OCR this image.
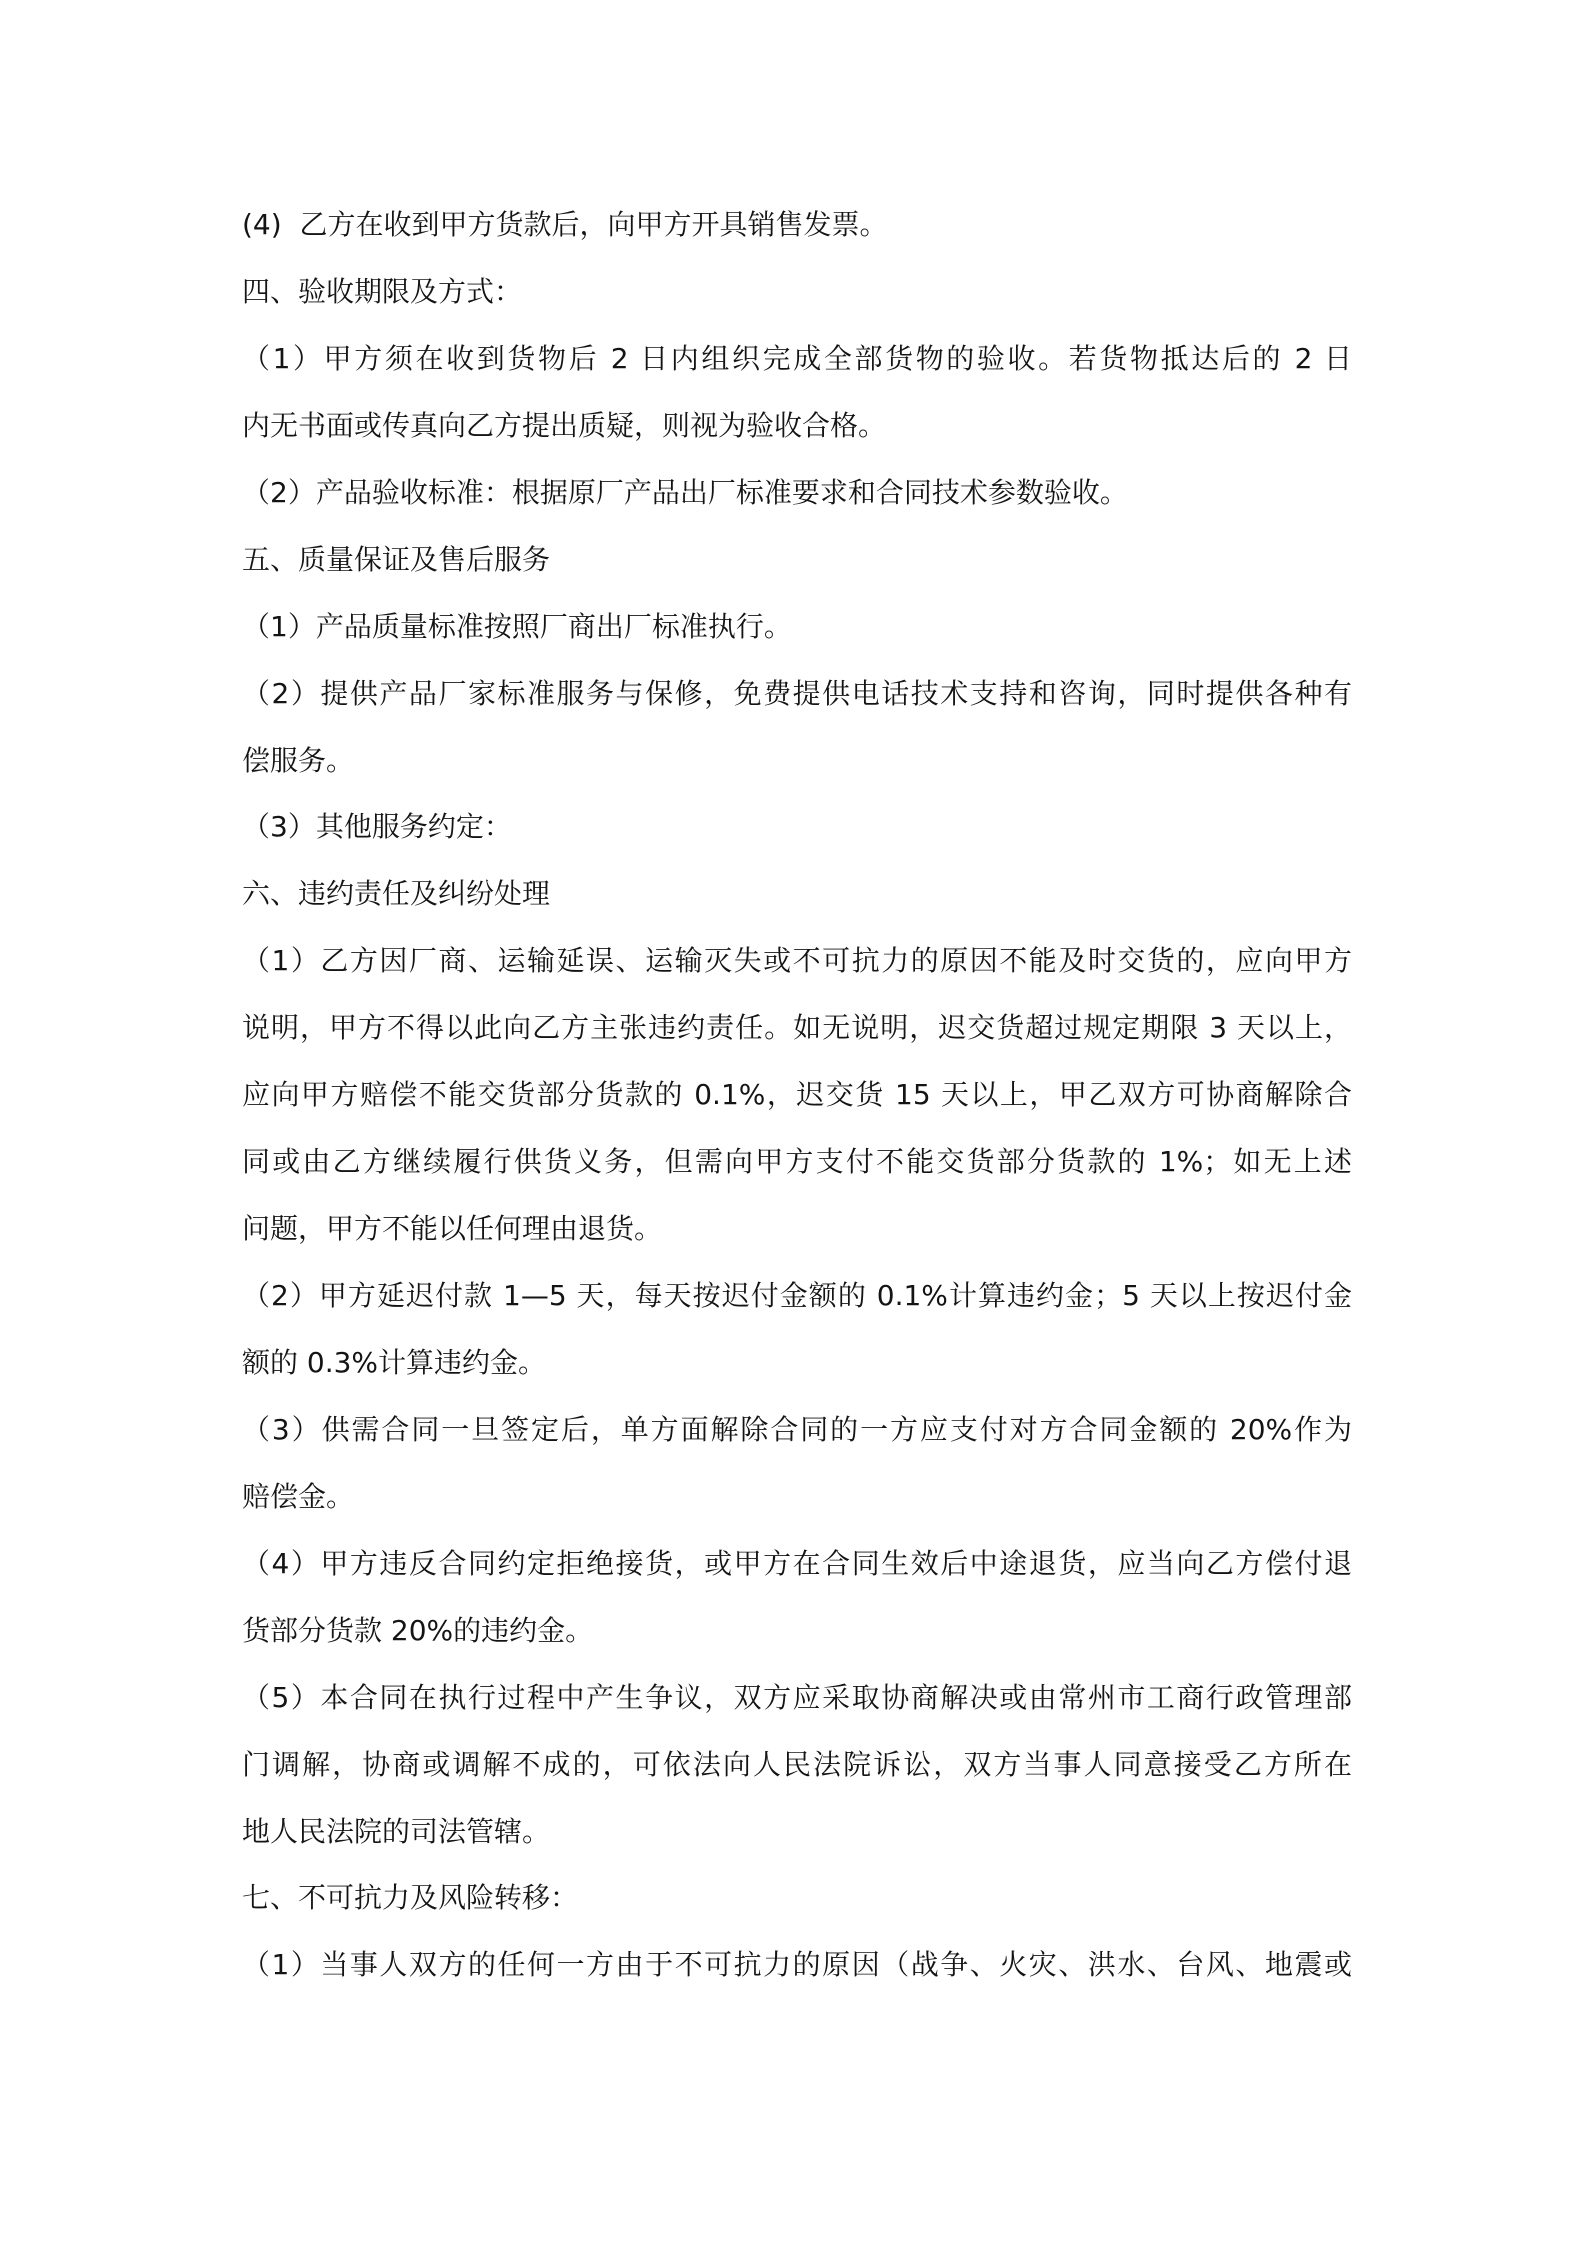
(4)  乙方在收到甲方货款后，向甲方开具销售发票。
四、验收期限及方式：
（1）甲方须在收到货物后 2 日内组织完成全部货物的验收。若货物抵达后的 2 日
内无书面或传真向乙方提出质疑，则视为验收合格。
（2）产品验收标准：根据原厂产品出厂标准要求和合同技术参数验收。
五、质量保证及售后服务
（1）产品质量标准按照厂商出厂标准执行。
（2）提供产品厂家标准服务与保修，免费提供电话技术支持和咨询，同时提供各种有
偿服务。
（3）其他服务约定：
六、违约责任及纠纷处理
（1）乙方因厂商、运输延误、运输灭失或不可抗力的原因不能及时交货的，应向甲方
说明，甲方不得以此向乙方主张违约责任。如无说明，迟交货超过规定期限 3 天以上，
应向甲方赔偿不能交货部分货款的 0.1%，迟交货 15 天以上，甲乙双方可协商解除合
同或由乙方继续履行供货义务，但需向甲方支付不能交货部分货款的 1%；如无上述
问题，甲方不能以任何理由退货。
（2）甲方延迟付款 1—5 天，每天按迟付金额的 0.1%计算违约金；5 天以上按迟付金
额的 0.3%计算违约金。
（3）供需合同一旦签定后，单方面解除合同的一方应支付对方合同金额的 20%作为
赔偿金。
（4）甲方违反合同约定拒绝接货，或甲方在合同生效后中途退货，应当向乙方偿付退
货部分货款 20%的违约金。
（5）本合同在执行过程中产生争议，双方应采取协商解决或由常州市工商行政管理部
门调解，协商或调解不成的，可依法向人民法院诉讼，双方当事人同意接受乙方所在
地人民法院的司法管辖。
七、不可抗力及风险转移：
（1）当事人双方的任何一方由于不可抗力的原因（战争、火灾、洪水、台风、地震或
